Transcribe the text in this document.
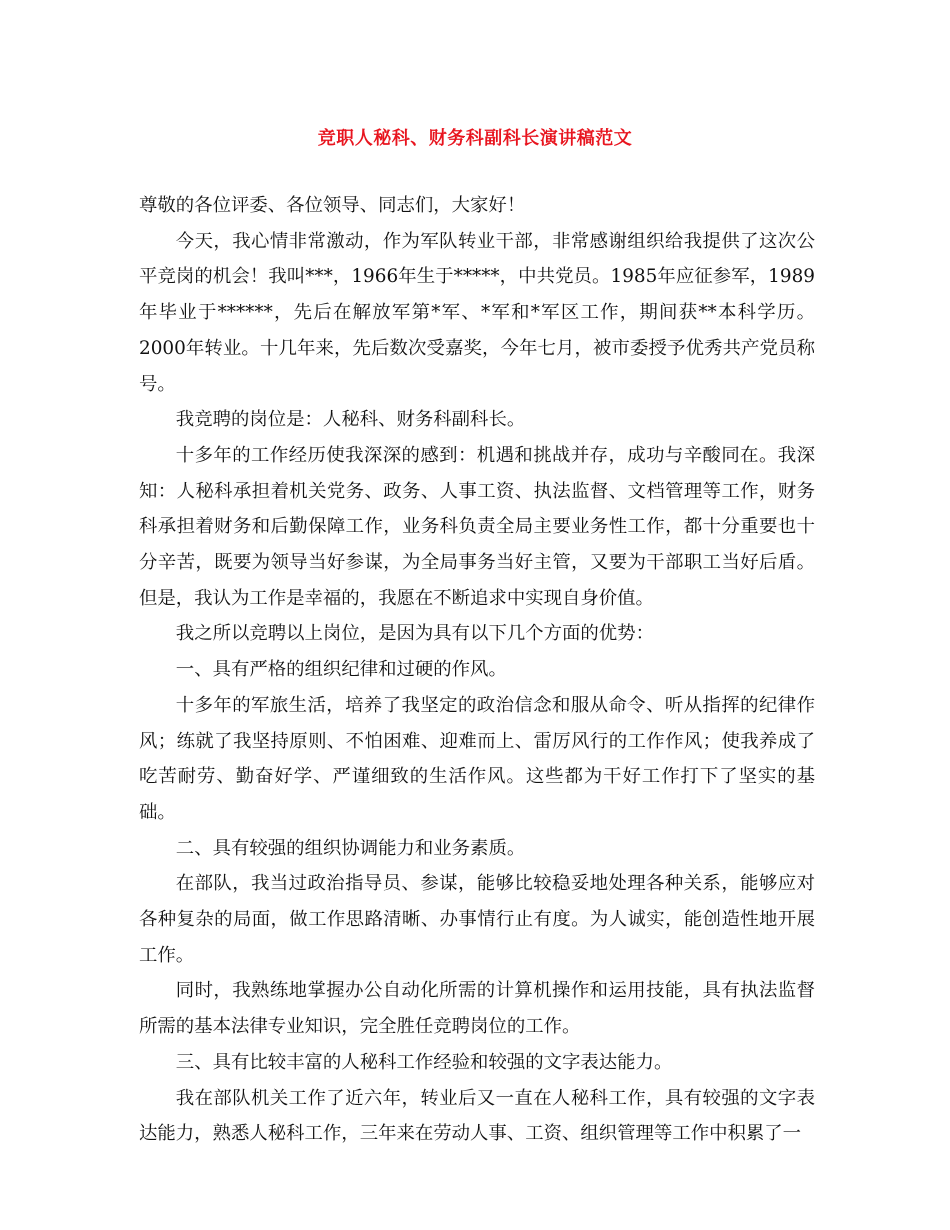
竞职人秘科、财务科副科长演讲稿范文

尊敬的各位评委、各位领导、同志们，大家好！

今天，我心情非常激动，作为军队转业干部，非常感谢组织给我提供了这次公平竞岗的机会！我叫***，1966年生于*****，中共党员。1985年应征参军，1989年毕业于******，先后在解放军第*军、*军和*军区工作，期间获**本科学历。2000年转业。十几年来，先后数次受嘉奖，今年七月，被市委授予优秀共产党员称号。

我竞聘的岗位是：人秘科、财务科副科长。

十多年的工作经历使我深深的感到：机遇和挑战并存，成功与辛酸同在。我深知：人秘科承担着机关党务、政务、人事工资、执法监督、文档管理等工作，财务科承担着财务和后勤保障工作，业务科负责全局主要业务性工作，都十分重要也十分辛苦，既要为领导当好参谋，为全局事务当好主管，又要为干部职工当好后盾。但是，我认为工作是幸福的，我愿在不断追求中实现自身价值。

我之所以竞聘以上岗位，是因为具有以下几个方面的优势：

一、具有严格的组织纪律和过硬的作风。

十多年的军旅生活，培养了我坚定的政治信念和服从命令、听从指挥的纪律作风；练就了我坚持原则、不怕困难、迎难而上、雷厉风行的工作作风；使我养成了吃苦耐劳、勤奋好学、严谨细致的生活作风。这些都为干好工作打下了坚实的基础。

二、具有较强的组织协调能力和业务素质。

在部队，我当过政治指导员、参谋，能够比较稳妥地处理各种关系，能够应对各种复杂的局面，做工作思路清晰、办事情行止有度。为人诚实，能创造性地开展工作。

同时，我熟练地掌握办公自动化所需的计算机操作和运用技能，具有执法监督所需的基本法律专业知识，完全胜任竞聘岗位的工作。

三、具有比较丰富的人秘科工作经验和较强的文字表达能力。

我在部队机关工作了近六年，转业后又一直在人秘科工作，具有较强的文字表达能力，熟悉人秘科工作，三年来在劳动人事、工资、组织管理等工作中积累了一
